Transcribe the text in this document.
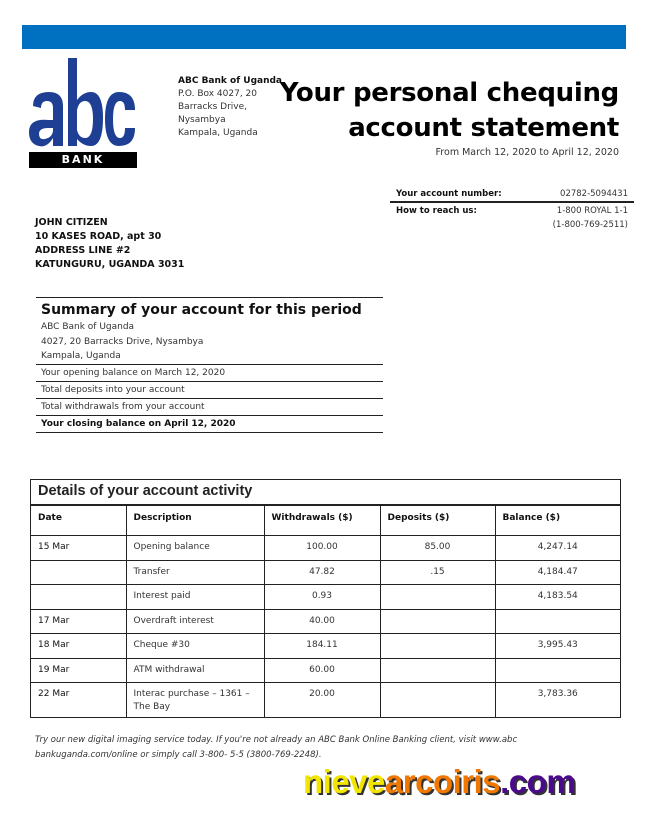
BANK
ABC Bank of Uganda
P.O. Box 4027, 20
Barracks Drive,
Nysambya
Kampala, Uganda
Your personal chequing
account statement
From March 12, 2020 to April 12, 2020
Your account number:	02782-5094431
How to reach us:	1-800 ROYAL 1-1
(1-800-769-2511)
JOHN CITIZEN
10 KASES ROAD, apt 30
ADDRESS LINE #2
KATUNGURU, UGANDA 3031
Summary of your account for this period
ABC Bank of Uganda
4027, 20 Barracks Drive, Nysambya
Kampala, Uganda
Your opening balance on March 12, 2020
Total deposits into your account
Total withdrawals from your account
Your closing balance on April 12, 2020
Details of your account activity
Date	Description	Withdrawals ($)	Deposits ($)	Balance ($)
15 Mar	Opening balance	100.00	85.00	4,247.14
	Transfer	47.82	.15	4,184.47
	Interest paid	0.93		4,183.54
17 Mar	Overdraft interest	40.00		
18 Mar	Cheque #30	184.11		3,995.43
19 Mar	ATM withdrawal	60.00		
22 Mar	Interac purchase – 1361 – The Bay	20.00		3,783.36
Try our new digital imaging service today. If you're not already an ABC Bank Online Banking client, visit www.abc
bankuganda.com/online or simply call 3-800- 5-5 (3800-769-2248).
nievearcoiris.com
